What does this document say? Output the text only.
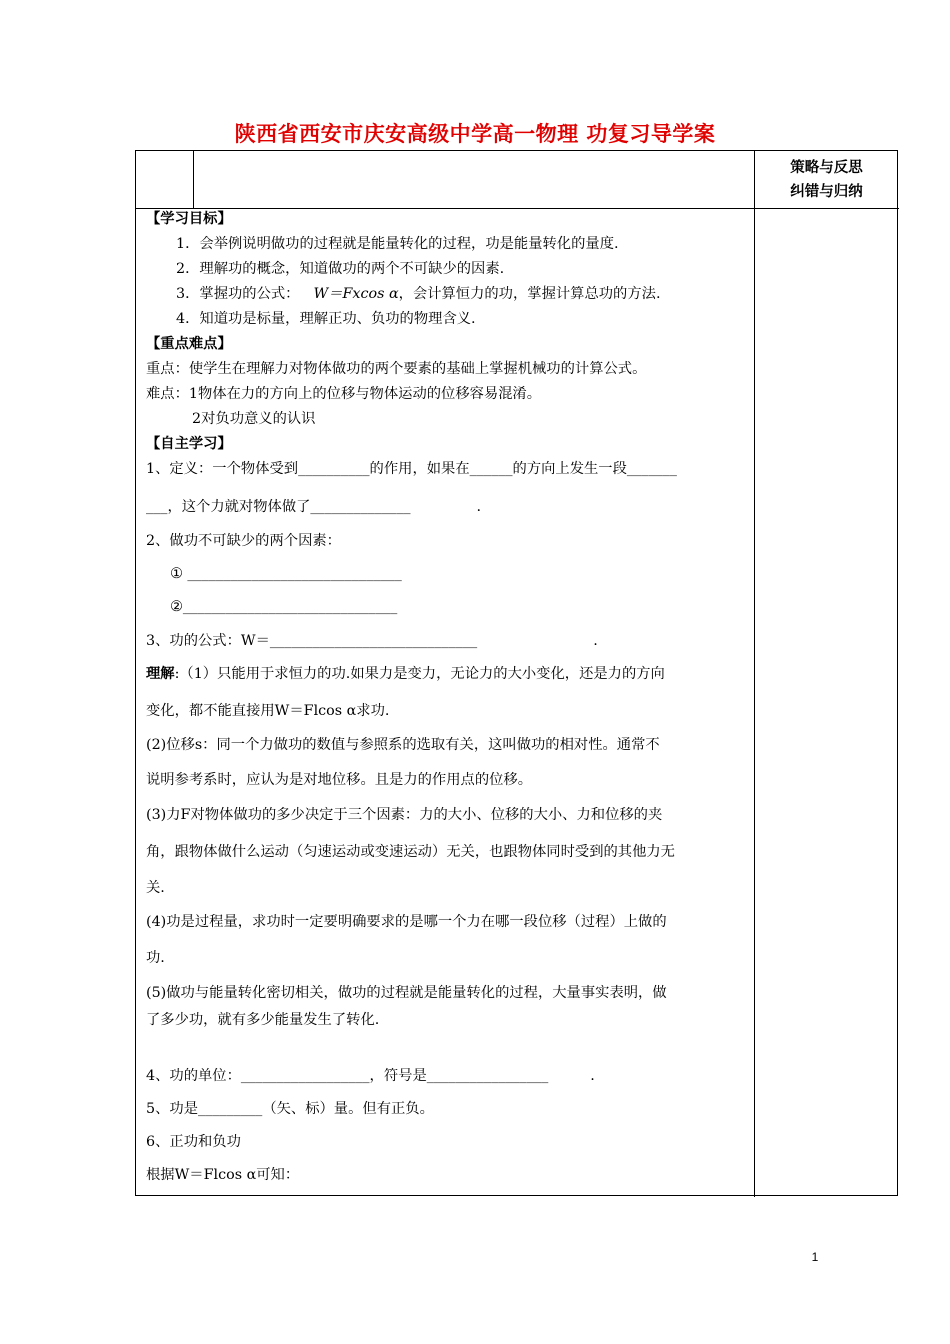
陕西省西安市庆安高级中学高一物理 功复习导学案
策略与反思
纠错与归纳
【学习目标】
1．会举例说明做功的过程就是能量转化的过程，功是能量转化的量度.
2．理解功的概念，知道做功的两个不可缺少的因素.
3．掌握功的公式： W＝Fxcos α，会计算恒力的功，掌握计算总功的方法.
4．知道功是标量，理解正功、负功的物理含义.
【重点难点】
重点：使学生在理解力对物体做功的两个要素的基础上掌握机械功的计算公式。
难点：1物体在力的方向上的位移与物体运动的位移容易混淆。
2对负功意义的认识
【自主学习】
1、定义：一个物体受到__________的作用，如果在______的方向上发生一段_______
___，这个力就对物体做了______________	.
2、做功不可缺少的两个因素：
① ______________________________
②______________________________
3、功的公式：W＝_____________________________	.
理解:（1）只能用于求恒力的功.如果力是变力，无论力的大小变化，还是力的方向
变化，都不能直接用W＝Flcos α求功.
(2)位移s：同一个力做功的数值与参照系的选取有关，这叫做功的相对性。通常不
说明参考系时，应认为是对地位移。且是力的作用点的位移。
(3)力F对物体做功的多少决定于三个因素：力的大小、位移的大小、力和位移的夹
角，跟物体做什么运动（匀速运动或变速运动）无关，也跟物体同时受到的其他力无
关.
(4)功是过程量，求功时一定要明确要求的是哪一个力在哪一段位移（过程）上做的
功.
(5)做功与能量转化密切相关，做功的过程就是能量转化的过程，大量事实表明，做
了多少功，就有多少能量发生了转化.
4、功的单位：__________________，符号是_________________	.
5、功是_________（矢、标）量。但有正负。
6、正功和负功
根据W＝Flcos α可知：
1
